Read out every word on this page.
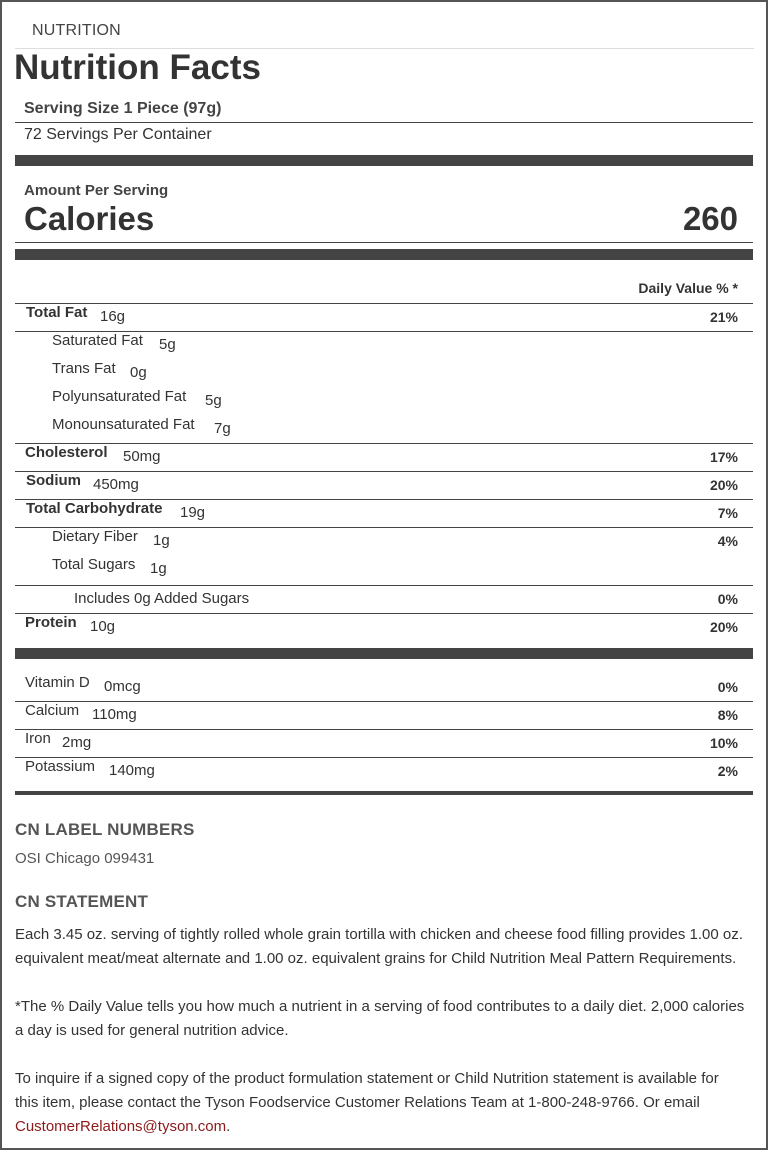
NUTRITION
Nutrition Facts
Serving Size 1 Piece (97g)
72 Servings Per Container
Amount Per Serving
Calories	260
Daily Value % *
Total Fat 16g	21%
Saturated Fat 5g
Trans Fat 0g
Polyunsaturated Fat 5g
Monounsaturated Fat 7g
Cholesterol 50mg	17%
Sodium 450mg	20%
Total Carbohydrate 19g	7%
Dietary Fiber 1g	4%
Total Sugars 1g
Includes 0g Added Sugars	0%
Protein 10g	20%
Vitamin D 0mcg	0%
Calcium 110mg	8%
Iron 2mg	10%
Potassium 140mg	2%
CN LABEL NUMBERS
OSI Chicago 099431
CN STATEMENT
Each 3.45 oz. serving of tightly rolled whole grain tortilla with chicken and cheese food filling provides 1.00 oz. equivalent meat/meat alternate and 1.00 oz. equivalent grains for Child Nutrition Meal Pattern Requirements.
*The % Daily Value tells you how much a nutrient in a serving of food contributes to a daily diet. 2,000 calories a day is used for general nutrition advice.
To inquire if a signed copy of the product formulation statement or Child Nutrition statement is available for this item, please contact the Tyson Foodservice Customer Relations Team at 1-800-248-9766. Or email CustomerRelations@tyson.com.
